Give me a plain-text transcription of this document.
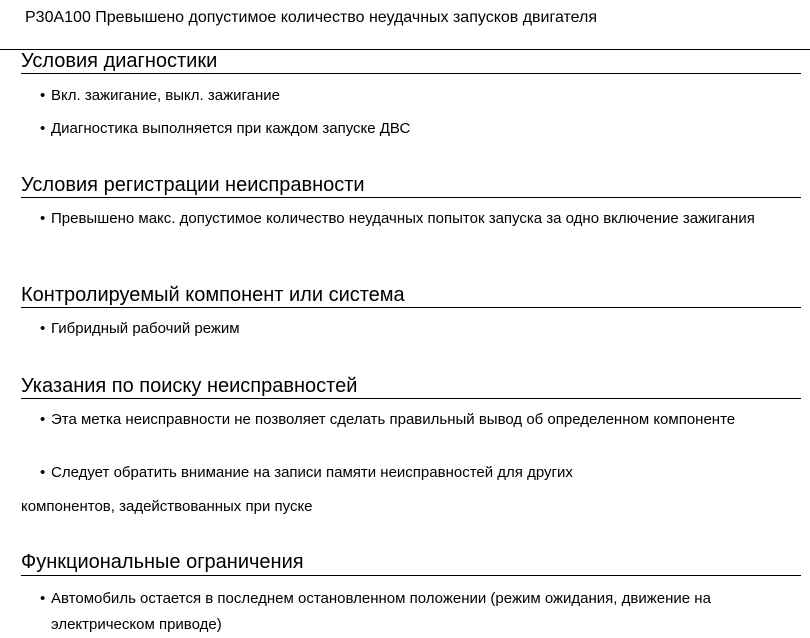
P30A100 Превышено допустимое количество неудачных запусков двигателя
Условия диагностики
• Вкл. зажигание, выкл. зажигание
• Диагностика выполняется при каждом запуске ДВС
Условия регистрации неисправности
• Превышено макс. допустимое количество неудачных попыток запуска за одно включение зажигания
Контролируемый компонент или система
• Гибридный рабочий режим
Указания по поиску неисправностей
• Эта метка неисправности не позволяет сделать правильный вывод об определенном компоненте
• Следует обратить внимание на записи памяти неисправностей для других
компонентов, задействованных при пуске
Функциональные ограничения
• Автомобиль остается в последнем остановленном положении (режим ожидания, движение на электрическом приводе)
